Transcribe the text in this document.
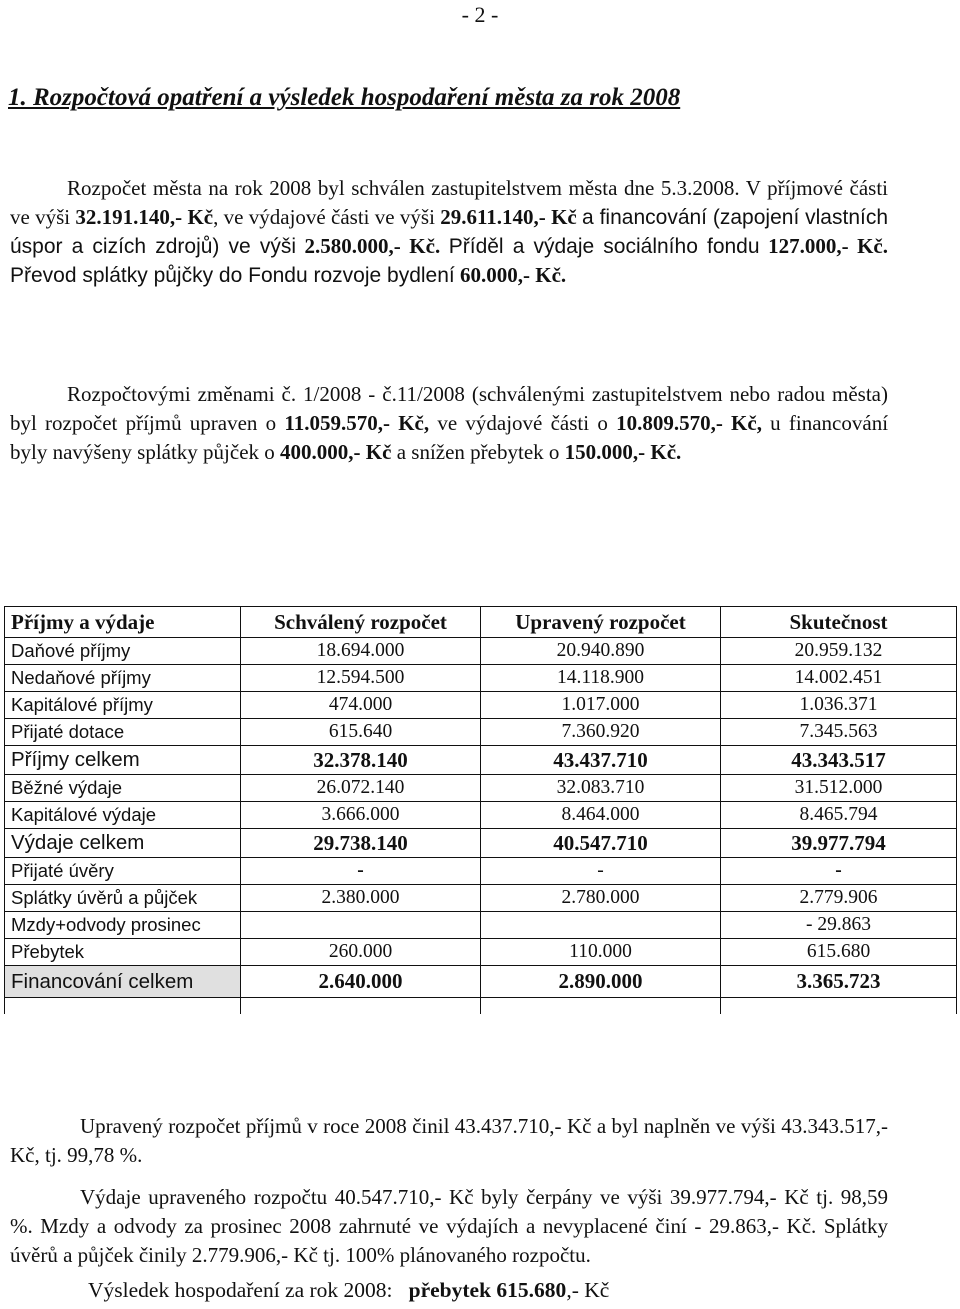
- 2 -
1. Rozpočtová opatření a výsledek hospodaření města za rok 2008
Rozpočet města na rok 2008 byl schválen zastupitelstvem města dne 5.3.2008. V příjmové části ve výši 32.191.140,- Kč, ve výdajové části ve výši 29.611.140,- Kč a financování (zapojení vlastních úspor a cizích zdrojů) ve výši 2.580.000,- Kč. Příděl a výdaje sociálního fondu 127.000,- Kč. Převod splátky půjčky do Fondu rozvoje bydlení 60.000,- Kč.
Rozpočtovými změnami č. 1/2008 - č.11/2008 (schválenými zastupitelstvem nebo radou města) byl rozpočet příjmů upraven o 11.059.570,- Kč, ve výdajové části o 10.809.570,- Kč, u financování byly navýšeny splátky půjček o 400.000,- Kč a snížen přebytek o 150.000,- Kč.
Příjmy a výdaje	Schválený rozpočet	Upravený rozpočet	Skutečnost
Daňové příjmy	18.694.000	20.940.890	20.959.132
Nedaňové příjmy	12.594.500	14.118.900	14.002.451
Kapitálové příjmy	474.000	1.017.000	1.036.371
Přijaté dotace	615.640	7.360.920	7.345.563
Příjmy celkem	32.378.140	43.437.710	43.343.517
Běžné výdaje	26.072.140	32.083.710	31.512.000
Kapitálové výdaje	3.666.000	8.464.000	8.465.794
Výdaje celkem	29.738.140	40.547.710	39.977.794
Přijaté úvěry	-	-	-
Splátky úvěrů a půjček	2.380.000	2.780.000	2.779.906
Mzdy+odvody prosinec			- 29.863
Přebytek	260.000	110.000	615.680
Financování celkem	2.640.000	2.890.000	3.365.723

Upravený rozpočet příjmů v roce 2008 činil 43.437.710,- Kč a byl naplněn ve výši 43.343.517,- Kč, tj. 99,78 %.
Výdaje upraveného rozpočtu 40.547.710,- Kč byly čerpány ve výši 39.977.794,- Kč tj. 98,59 %. Mzdy a odvody za prosinec 2008 zahrnuté ve výdajích a nevyplacené činí - 29.863,- Kč. Splátky úvěrů a půjček činily 2.779.906,- Kč tj. 100% plánovaného rozpočtu.
Výsledek hospodaření za rok 2008: přebytek 615.680,- Kč
